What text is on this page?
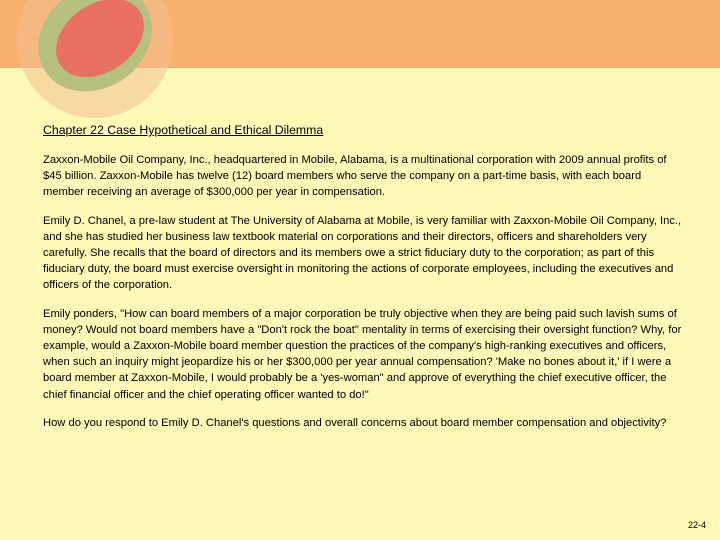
. . .
Chapter 22 Case Hypothetical and Ethical Dilemma

Zaxxon-Mobile Oil Company, Inc., headquartered in Mobile, Alabama, is a multinational corporation with 2009 annual profits of $45 billion. Zaxxon-Mobile has twelve (12) board members who serve the company on a part-time basis, with each board member receiving an average of $300,000 per year in compensation.

Emily D. Chanel, a pre-law student at The University of Alabama at Mobile, is very familiar with Zaxxon-Mobile Oil Company, Inc., and she has studied her business law textbook material on corporations and their directors, officers and shareholders very carefully. She recalls that the board of directors and its members owe a strict fiduciary duty to the corporation; as part of this fiduciary duty, the board must exercise oversight in monitoring the actions of corporate employees, including the executives and officers of the corporation.

Emily ponders, "How can board members of a major corporation be truly objective when they are being paid such lavish sums of money? Would not board members have a "Don't rock the boat" mentality in terms of exercising their oversight function? Why, for example, would a Zaxxon-Mobile board member question the practices of the company's high-ranking executives and officers, when such an inquiry might jeopardize his or her $300,000 per year annual compensation? 'Make no bones about it,' if I were a board member at Zaxxon-Mobile, I would probably be a 'yes-woman" and approve of everything the chief executive officer, the chief financial officer and the chief operating officer wanted to do!"

How do you respond to Emily D. Chanel's questions and overall concerns about board member compensation and objectivity?

22-4
